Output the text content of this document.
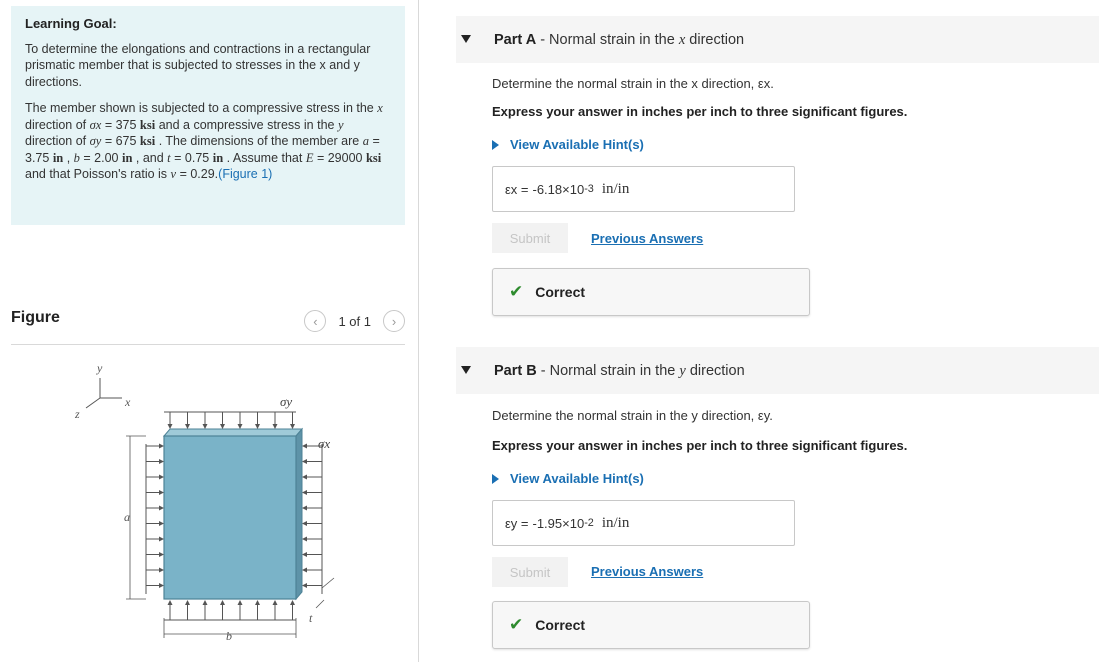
Learning Goal:
To determine the elongations and contractions in a rectangular prismatic member that is subjected to stresses in the x and y directions.
The member shown is subjected to a compressive stress in the x direction of σx = 375 ksi and a compressive stress in the y direction of σy = 675 ksi . The dimensions of the member are a = 3.75 in , b = 2.00 in , and t = 0.75 in . Assume that E = 29000 ksi and that Poisson's ratio is v = 0.29.(Figure 1)
Figure	‹	1 of 1	›
y
x
z
σy
σx
a
b
t
Part A - Normal strain in the x direction
Determine the normal strain in the x direction, εx.
Express your answer in inches per inch to three significant figures.
View Available Hint(s)
εx = -6.18×10 -3 in/in
Submit	Previous Answers
✔ Correct
Part B - Normal strain in the y direction
Determine the normal strain in the y direction, εy.
Express your answer in inches per inch to three significant figures.
View Available Hint(s)
εy = -1.95×10 -2 in/in
Submit	Previous Answers
✔ Correct
